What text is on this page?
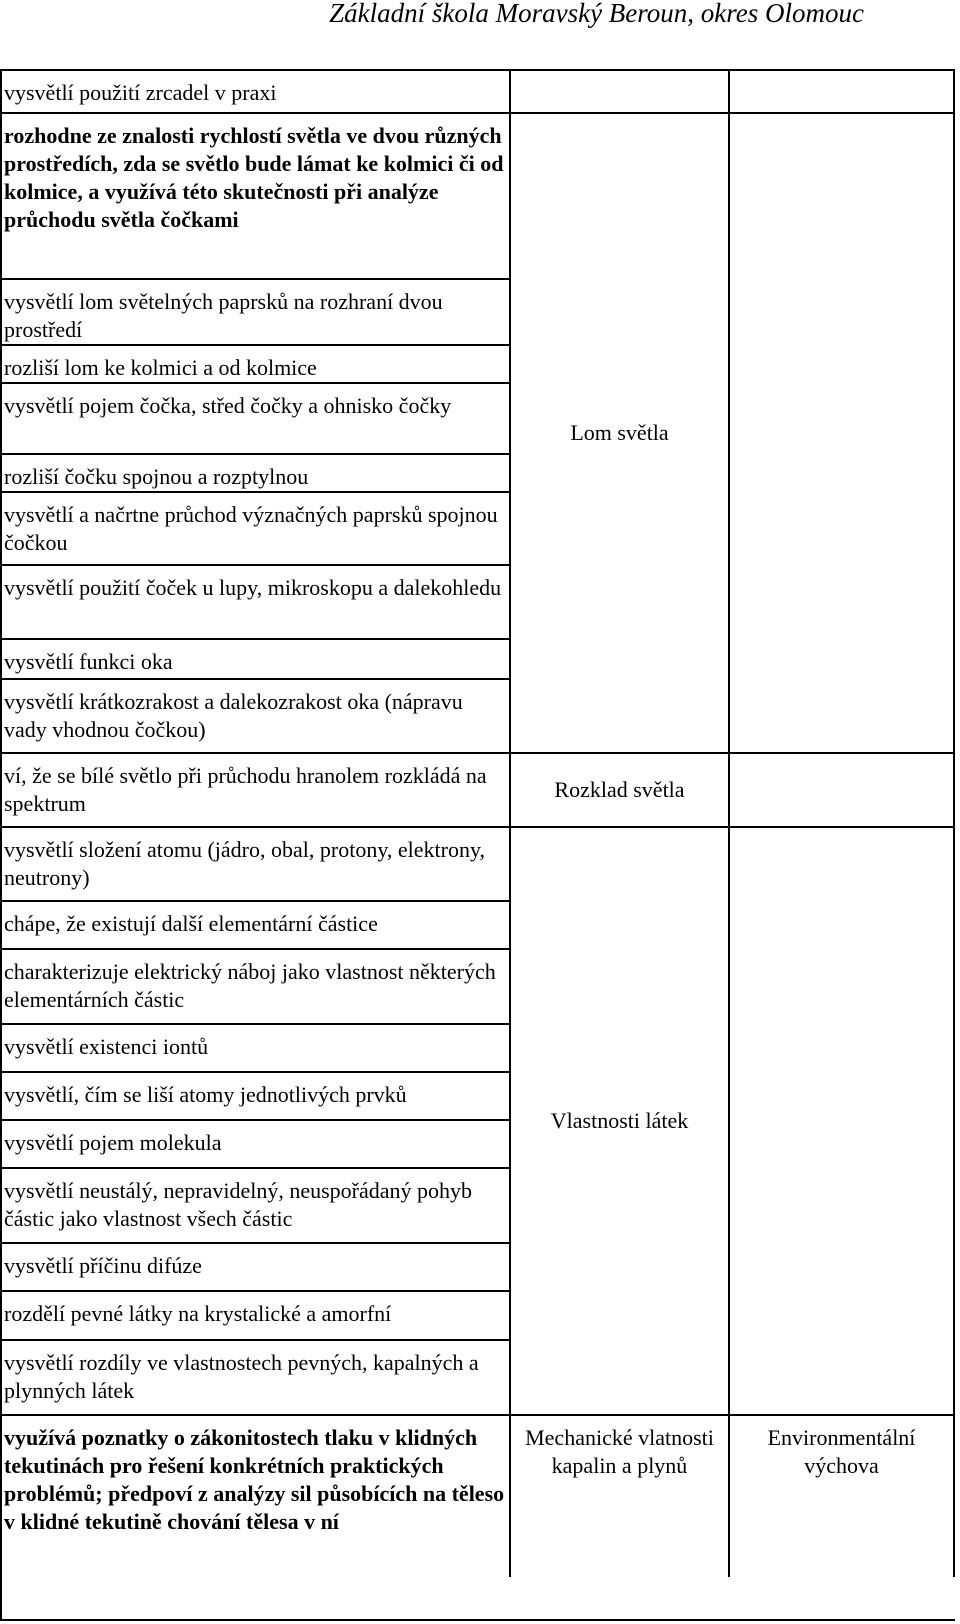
Základní škola Moravský Beroun, okres Olomouc
vysvětlí použití zrcadel v praxi
rozhodne ze znalosti rychlostí světla ve dvou různých prostředích, zda se světlo bude lámat ke kolmici či od kolmice, a využívá této skutečnosti při analýze průchodu světla čočkami
vysvětlí lom světelných paprsků na rozhraní dvou prostředí
rozliší lom ke kolmici a od kolmice
vysvětlí pojem čočka, střed čočky a ohnisko čočky
rozliší čočku spojnou a rozptylnou
vysvětlí a načrtne průchod význačných paprsků spojnou čočkou
vysvětlí použití čoček u lupy, mikroskopu a dalekohledu
vysvětlí funkci oka
vysvětlí krátkozrakost a dalekozrakost oka (nápravu vady vhodnou čočkou)
ví, že se bílé světlo při průchodu hranolem rozkládá na spektrum
vysvětlí složení atomu (jádro, obal, protony, elektrony, neutrony)
chápe, že existují další elementární částice
charakterizuje elektrický náboj jako vlastnost některých elementárních částic
vysvětlí existenci iontů
vysvětlí, čím se liší atomy jednotlivých prvků
vysvětlí pojem molekula
vysvětlí neustálý, nepravidelný, neuspořádaný pohyb částic jako vlastnost všech částic
vysvětlí příčinu difúze
rozdělí pevné látky na krystalické a amorfní
vysvětlí rozdíly ve vlastnostech pevných, kapalných a plynných látek
využívá poznatky o zákonitostech tlaku v klidných tekutinách pro řešení konkrétních praktických problémů; předpoví z analýzy sil působících na těleso v klidné tekutině chování tělesa v ní
Lom světla
Rozklad světla
Vlastnosti látek
Mechanické vlatnosti kapalin a plynů
Environmentální výchova
